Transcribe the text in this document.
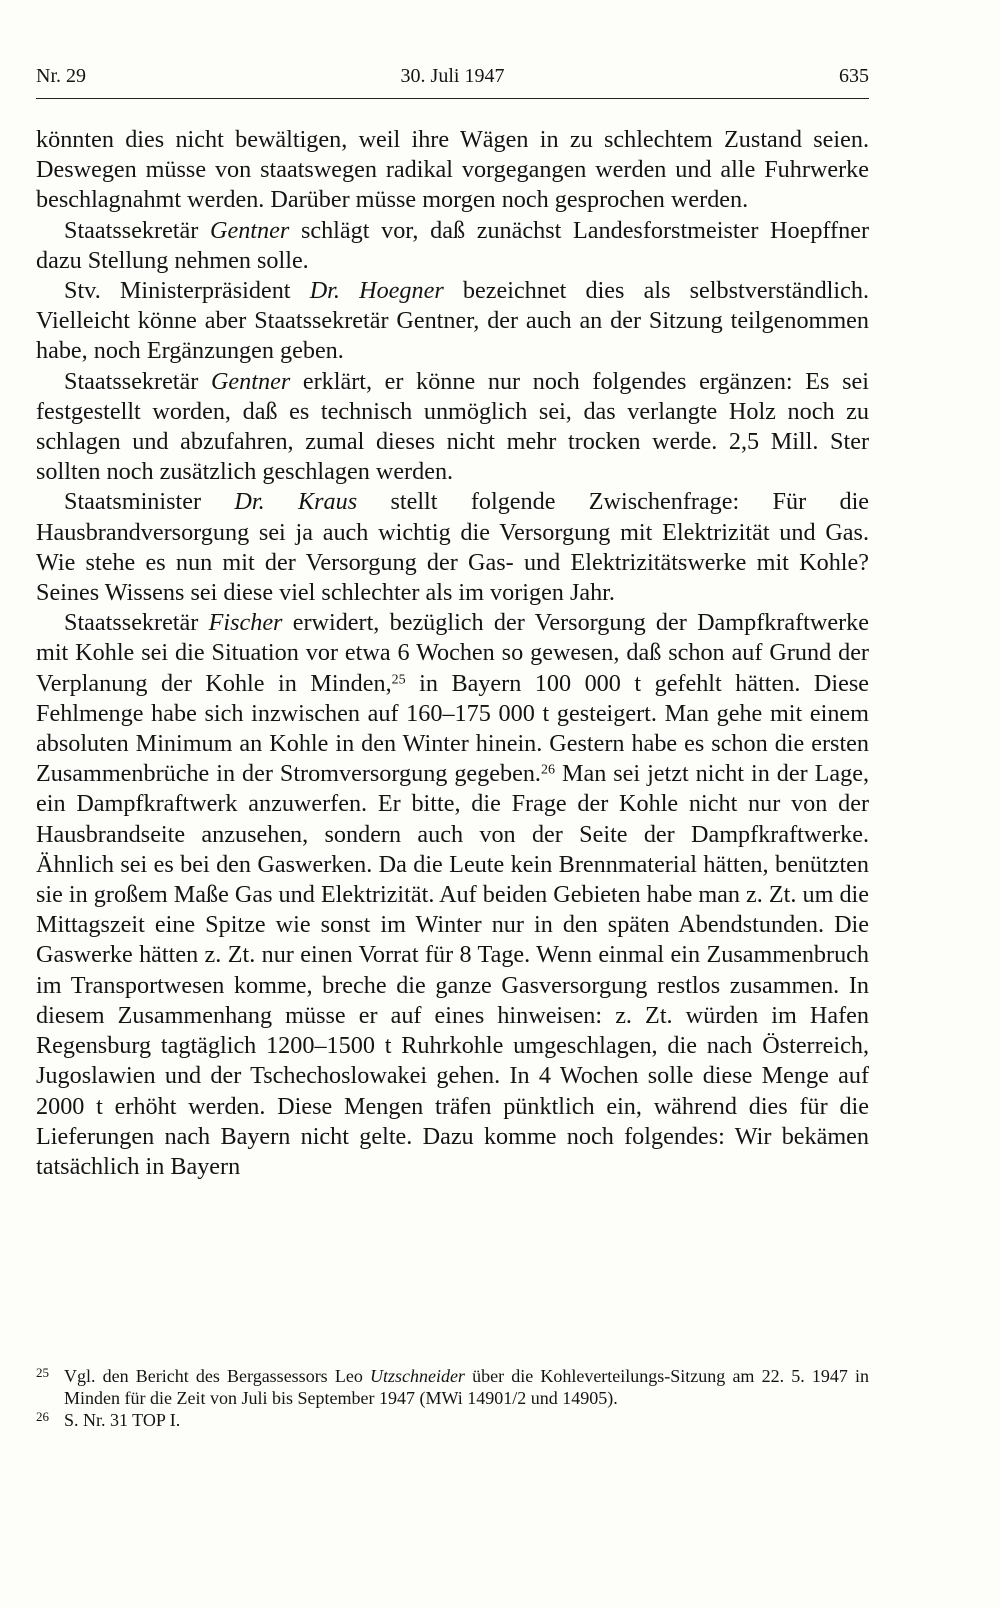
Nr. 29	30. Juli 1947	635

könnten dies nicht bewältigen, weil ihre Wägen in zu schlechtem Zustand seien. Deswegen müsse von staatswegen radikal vorgegangen werden und alle Fuhrwerke beschlagnahmt werden. Darüber müsse morgen noch gesprochen werden.

Staatssekretär Gentner schlägt vor, daß zunächst Landesforstmeister Hoepffner dazu Stellung nehmen solle.

Stv. Ministerpräsident Dr. Hoegner bezeichnet dies als selbstverständlich. Vielleicht könne aber Staatssekretär Gentner, der auch an der Sitzung teilgenommen habe, noch Ergänzungen geben.

Staatssekretär Gentner erklärt, er könne nur noch folgendes ergänzen: Es sei festgestellt worden, daß es technisch unmöglich sei, das verlangte Holz noch zu schlagen und abzufahren, zumal dieses nicht mehr trocken werde. 2,5 Mill. Ster sollten noch zusätzlich geschlagen werden.

Staatsminister Dr. Kraus stellt folgende Zwischenfrage: Für die Hausbrandversorgung sei ja auch wichtig die Versorgung mit Elektrizität und Gas. Wie stehe es nun mit der Versorgung der Gas- und Elektrizitätswerke mit Kohle? Seines Wissens sei diese viel schlechter als im vorigen Jahr.

Staatssekretär Fischer erwidert, bezüglich der Versorgung der Dampfkraftwerke mit Kohle sei die Situation vor etwa 6 Wochen so gewesen, daß schon auf Grund der Verplanung der Kohle in Minden,$^{25}$ in Bayern 100 000 t gefehlt hätten. Diese Fehlmenge habe sich inzwischen auf 160–175 000 t gesteigert. Man gehe mit einem absoluten Minimum an Kohle in den Winter hinein. Gestern habe es schon die ersten Zusammenbrüche in der Stromversorgung gegeben.$^{26}$ Man sei jetzt nicht in der Lage, ein Dampfkraftwerk anzuwerfen. Er bitte, die Frage der Kohle nicht nur von der Hausbrandseite anzusehen, sondern auch von der Seite der Dampfkraftwerke. Ähnlich sei es bei den Gaswerken. Da die Leute kein Brennmaterial hätten, benützten sie in großem Maße Gas und Elektrizität. Auf beiden Gebieten habe man z. Zt. um die Mittagszeit eine Spitze wie sonst im Winter nur in den späten Abendstunden. Die Gaswerke hätten z. Zt. nur einen Vorrat für 8 Tage. Wenn einmal ein Zusammenbruch im Transportwesen komme, breche die ganze Gasversorgung restlos zusammen. In diesem Zusammenhang müsse er auf eines hinweisen: z. Zt. würden im Hafen Regensburg tagtäglich 1200–1500 t Ruhrkohle umgeschlagen, die nach Österreich, Jugoslawien und der Tschechoslowakei gehen. In 4 Wochen solle diese Menge auf 2000 t erhöht werden. Diese Mengen träfen pünktlich ein, während dies für die Lieferungen nach Bayern nicht gelte. Dazu komme noch folgendes: Wir bekämen tatsächlich in Bayern

25 Vgl. den Bericht des Bergassessors Leo Utzschneider über die Kohleverteilungs-Sitzung am 22. 5. 1947 in Minden für die Zeit von Juli bis September 1947 (MWi 14901/2 und 14905).
26 S. Nr. 31 TOP I.
